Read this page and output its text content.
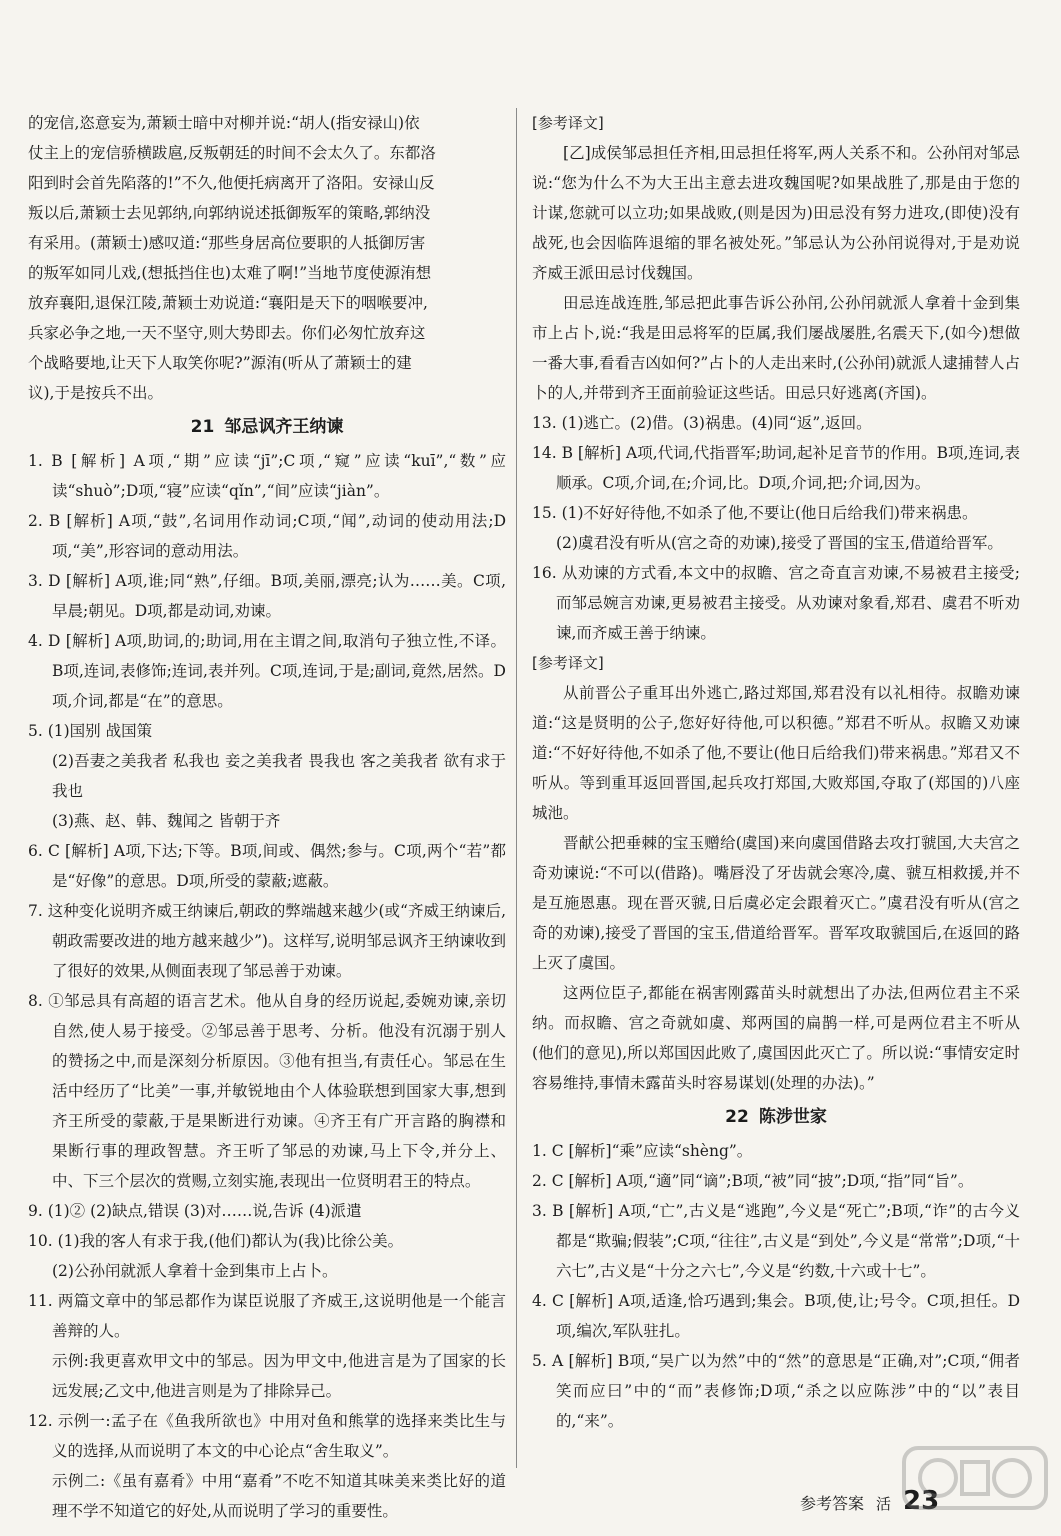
的宠信,恣意妄为,萧颖士暗中对柳并说:“胡人(指安禄山)依

仗主上的宠信骄横跋扈,反叛朝廷的时间不会太久了。东都洛

阳到时会首先陷落的!”不久,他便托病离开了洛阳。安禄山反

叛以后,萧颖士去见郭纳,向郭纳说述抵御叛军的策略,郭纳没

有采用。(萧颖士)感叹道:“那些身居高位要职的人抵御厉害

的叛军如同儿戏,(想抵挡住也)太难了啊!”当地节度使源洧想

放弃襄阳,退保江陵,萧颖士劝说道:“襄阳是天下的咽喉要冲,

兵家必争之地,一天不坚守,则大势即去。你们必匆忙放弃这

个战略要地,让天下人取笑你呢?”源洧(听从了萧颖士的建

议),于是按兵不出。

21 邹忌讽齐王纳谏

1. B [解析] A项,“期”应读“jī”;C项,“窥”应读“kuī”,“数”应读“shuò”;D项,“寝”应读“qǐn”,“间”应读“jiàn”。

2. B [解析] A项,“鼓”,名词用作动词;C项,“闻”,动词的使动用法;D项,“美”,形容词的意动用法。

3. D [解析] A项,谁;同“熟”,仔细。B项,美丽,漂亮;认为……美。C项,早晨;朝见。D项,都是动词,劝谏。

4. D [解析] A项,助词,的;助词,用在主谓之间,取消句子独立性,不译。B项,连词,表修饰;连词,表并列。C项,连词,于是;副词,竟然,居然。D项,介词,都是“在”的意思。

5. (1)国别 战国策

(2)吾妻之美我者 私我也 妾之美我者 畏我也 客之美我者 欲有求于我也

(3)燕、赵、韩、魏闻之 皆朝于齐

6. C [解析] A项,下达;下等。B项,间或、偶然;参与。C项,两个“若”都是“好像”的意思。D项,所受的蒙蔽;遮蔽。

7. 这种变化说明齐威王纳谏后,朝政的弊端越来越少(或“齐威王纳谏后,朝政需要改进的地方越来越少”)。这样写,说明邹忌讽齐王纳谏收到了很好的效果,从侧面表现了邹忌善于劝谏。

8. ①邹忌具有高超的语言艺术。他从自身的经历说起,委婉劝谏,亲切自然,使人易于接受。②邹忌善于思考、分析。他没有沉溺于别人的赞扬之中,而是深刻分析原因。③他有担当,有责任心。邹忌在生活中经历了“比美”一事,并敏锐地由个人体验联想到国家大事,想到齐王所受的蒙蔽,于是果断进行劝谏。④齐王有广开言路的胸襟和果断行事的理政智慧。齐王听了邹忌的劝谏,马上下令,并分上、中、下三个层次的赏赐,立刻实施,表现出一位贤明君王的特点。

9. (1)② (2)缺点,错误 (3)对……说,告诉 (4)派遣

10. (1)我的客人有求于我,(他们)都认为(我)比徐公美。

(2)公孙闬就派人拿着十金到集市上占卜。

11. 两篇文章中的邹忌都作为谋臣说服了齐威王,这说明他是一个能言善辩的人。

示例:我更喜欢甲文中的邹忌。因为甲文中,他进言是为了国家的长远发展;乙文中,他进言则是为了排除异己。

12. 示例一:孟子在《鱼我所欲也》中用对鱼和熊掌的选择来类比生与义的选择,从而说明了本文的中心论点“舍生取义”。

示例二:《虽有嘉肴》中用“嘉肴”不吃不知道其味美来类比好的道理不学不知道它的好处,从而说明了学习的重要性。

[参考译文]

[乙]成侯邹忌担任齐相,田忌担任将军,两人关系不和。公孙闬对邹忌说:“您为什么不为大王出主意去进攻魏国呢?如果战胜了,那是由于您的计谋,您就可以立功;如果战败,(则是因为)田忌没有努力进攻,(即使)没有战死,也会因临阵退缩的罪名被处死。”邹忌认为公孙闬说得对,于是劝说齐威王派田忌讨伐魏国。

田忌连战连胜,邹忌把此事告诉公孙闬,公孙闬就派人拿着十金到集市上占卜,说:“我是田忌将军的臣属,我们屡战屡胜,名震天下,(如今)想做一番大事,看看吉凶如何?”占卜的人走出来时,(公孙闬)就派人逮捕替人占卜的人,并带到齐王面前验证这些话。田忌只好逃离(齐国)。

13. (1)逃亡。(2)借。(3)祸患。(4)同“返”,返回。

14. B [解析] A项,代词,代指晋军;助词,起补足音节的作用。B项,连词,表顺承。C项,介词,在;介词,比。D项,介词,把;介词,因为。

15. (1)不好好待他,不如杀了他,不要让(他日后给我们)带来祸患。

(2)虞君没有听从(宫之奇的劝谏),接受了晋国的宝玉,借道给晋军。

16. 从劝谏的方式看,本文中的叔瞻、宫之奇直言劝谏,不易被君主接受;而邹忌婉言劝谏,更易被君主接受。从劝谏对象看,郑君、虞君不听劝谏,而齐威王善于纳谏。

[参考译文]

从前晋公子重耳出外逃亡,路过郑国,郑君没有以礼相待。叔瞻劝谏道:“这是贤明的公子,您好好待他,可以积德。”郑君不听从。叔瞻又劝谏道:“不好好待他,不如杀了他,不要让(他日后给我们)带来祸患。”郑君又不听从。等到重耳返回晋国,起兵攻打郑国,大败郑国,夺取了(郑国的)八座城池。

晋献公把垂棘的宝玉赠给(虞国)来向虞国借路去攻打虢国,大夫宫之奇劝谏说:“不可以(借路)。嘴唇没了牙齿就会寒冷,虞、虢互相救援,并不是互施恩惠。现在晋灭虢,日后虞必定会跟着灭亡。”虞君没有听从(宫之奇的劝谏),接受了晋国的宝玉,借道给晋军。晋军攻取虢国后,在返回的路上灭了虞国。

这两位臣子,都能在祸害刚露苗头时就想出了办法,但两位君主不采纳。而叔瞻、宫之奇就如虞、郑两国的扁鹊一样,可是两位君主不听从(他们的意见),所以郑国因此败了,虞国因此灭亡了。所以说:“事情安定时容易维持,事情未露苗头时容易谋划(处理的办法)。”

22 陈涉世家

1. C [解析]“乘”应读“shèng”。

2. C [解析] A项,“適”同“谪”;B项,“被”同“披”;D项,“指”同“旨”。

3. B [解析] A项,“亡”,古义是“逃跑”,今义是“死亡”;B项,“诈”的古今义都是“欺骗;假装”;C项,“往往”,古义是“到处”,今义是“常常”;D项,“十六七”,古义是“十分之六七”,今义是“约数,十六或十七”。

4. C [解析] A项,适逢,恰巧遇到;集会。B项,使,让;号令。C项,担任。D项,编次,军队驻扎。

5. A [解析] B项,“吴广以为然”中的“然”的意思是“正确,对”;C项,“佣者笑而应曰”中的“而”表修饰;D项,“杀之以应陈涉”中的“以”表目的,“来”。

参考答案 活 23
